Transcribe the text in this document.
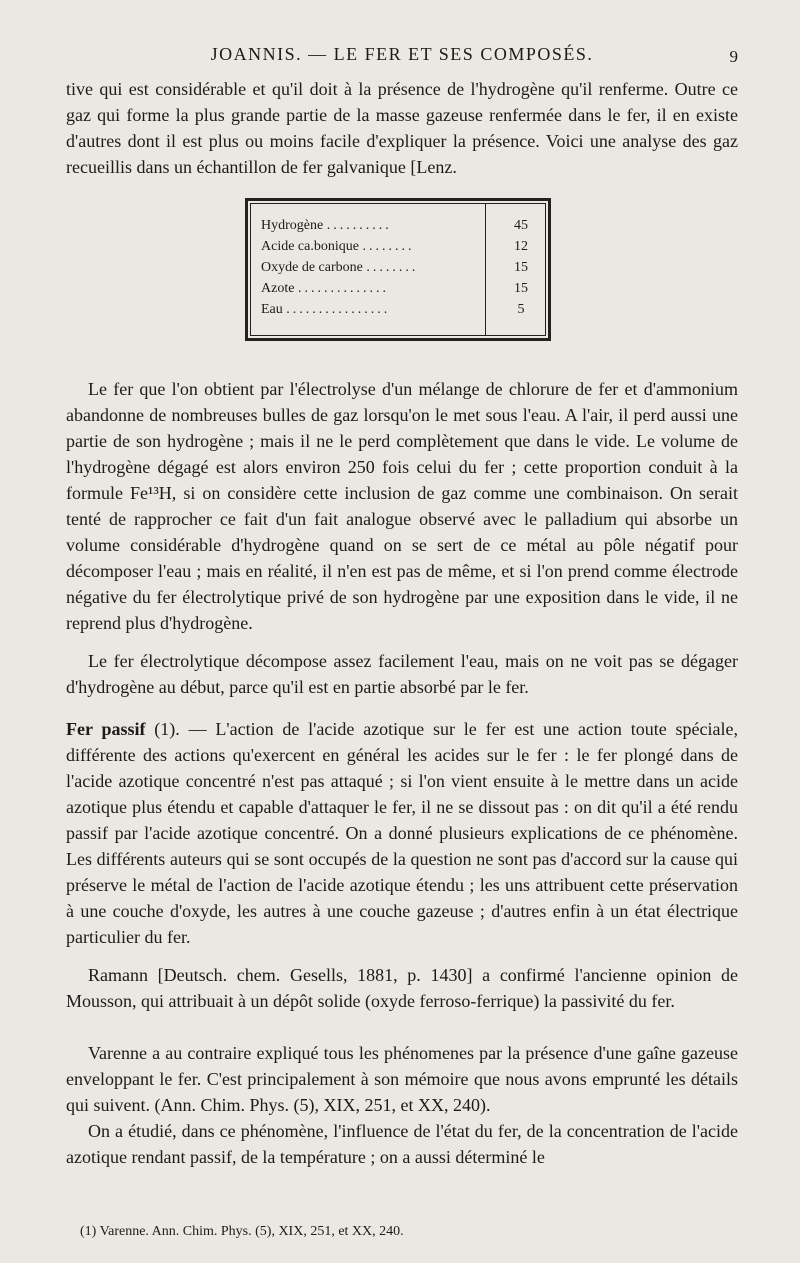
JOANNIS. — LE FER ET SES COMPOSÉS.	9

tive qui est considérable et qu'il doit à la présence de l'hydrogène qu'il renferme. Outre ce gaz qui forme la plus grande partie de la masse gazeuse renfermée dans le fer, il en existe d'autres dont il est plus ou moins facile d'expliquer la présence. Voici une analyse des gaz recueillis dans un échantillon de fer galvanique [Lenz.

Hydrogène ..........	45
Acide ca.bonique ........	12
Oxyde de carbone ........	15
Azote ..............	15
Eau ................	5

Le fer que l'on obtient par l'électrolyse d'un mélange de chlorure de fer et d'ammonium abandonne de nombreuses bulles de gaz lorsqu'on le met sous l'eau. A l'air, il perd aussi une partie de son hydrogène ; mais il ne le perd complètement que dans le vide. Le volume de l'hydrogène dégagé est alors environ 250 fois celui du fer ; cette proportion conduit à la formule Fe¹³H, si on considère cette inclusion de gaz comme une combinaison. On serait tenté de rapprocher ce fait d'un fait analogue observé avec le palladium qui absorbe un volume considérable d'hydrogène quand on se sert de ce métal au pôle négatif pour décomposer l'eau ; mais en réalité, il n'en est pas de même, et si l'on prend comme électrode négative du fer électrolytique privé de son hydrogène par une exposition dans le vide, il ne reprend plus d'hydrogène.

Le fer électrolytique décompose assez facilement l'eau, mais on ne voit pas se dégager d'hydrogène au début, parce qu'il est en partie absorbé par le fer.

Fer passif (1). — L'action de l'acide azotique sur le fer est une action toute spéciale, différente des actions qu'exercent en général les acides sur le fer : le fer plongé dans de l'acide azotique concentré n'est pas attaqué ; si l'on vient ensuite à le mettre dans un acide azotique plus étendu et capable d'attaquer le fer, il ne se dissout pas : on dit qu'il a été rendu passif par l'acide azotique concentré. On a donné plusieurs explications de ce phénomène. Les différents auteurs qui se sont occupés de la question ne sont pas d'accord sur la cause qui préserve le métal de l'action de l'acide azotique étendu ; les uns attribuent cette préservation à une couche d'oxyde, les autres à une couche gazeuse ; d'autres enfin à un état électrique particulier du fer.

Ramann [Deutsch. chem. Gesells, 1881, p. 1430] a confirmé l'ancienne opinion de Mousson, qui attribuait à un dépôt solide (oxyde ferroso-ferrique) la passivité du fer.

Varenne a au contraire expliqué tous les phénomenes par la présence d'une gaîne gazeuse enveloppant le fer. C'est principalement à son mémoire que nous avons emprunté les détails qui suivent. (Ann. Chim. Phys. (5), XIX, 251, et XX, 240).

On a étudié, dans ce phénomène, l'influence de l'état du fer, de la concentration de l'acide azotique rendant passif, de la température ; on a aussi déterminé le

(1) Varenne. Ann. Chim. Phys. (5), XIX, 251, et XX, 240.
